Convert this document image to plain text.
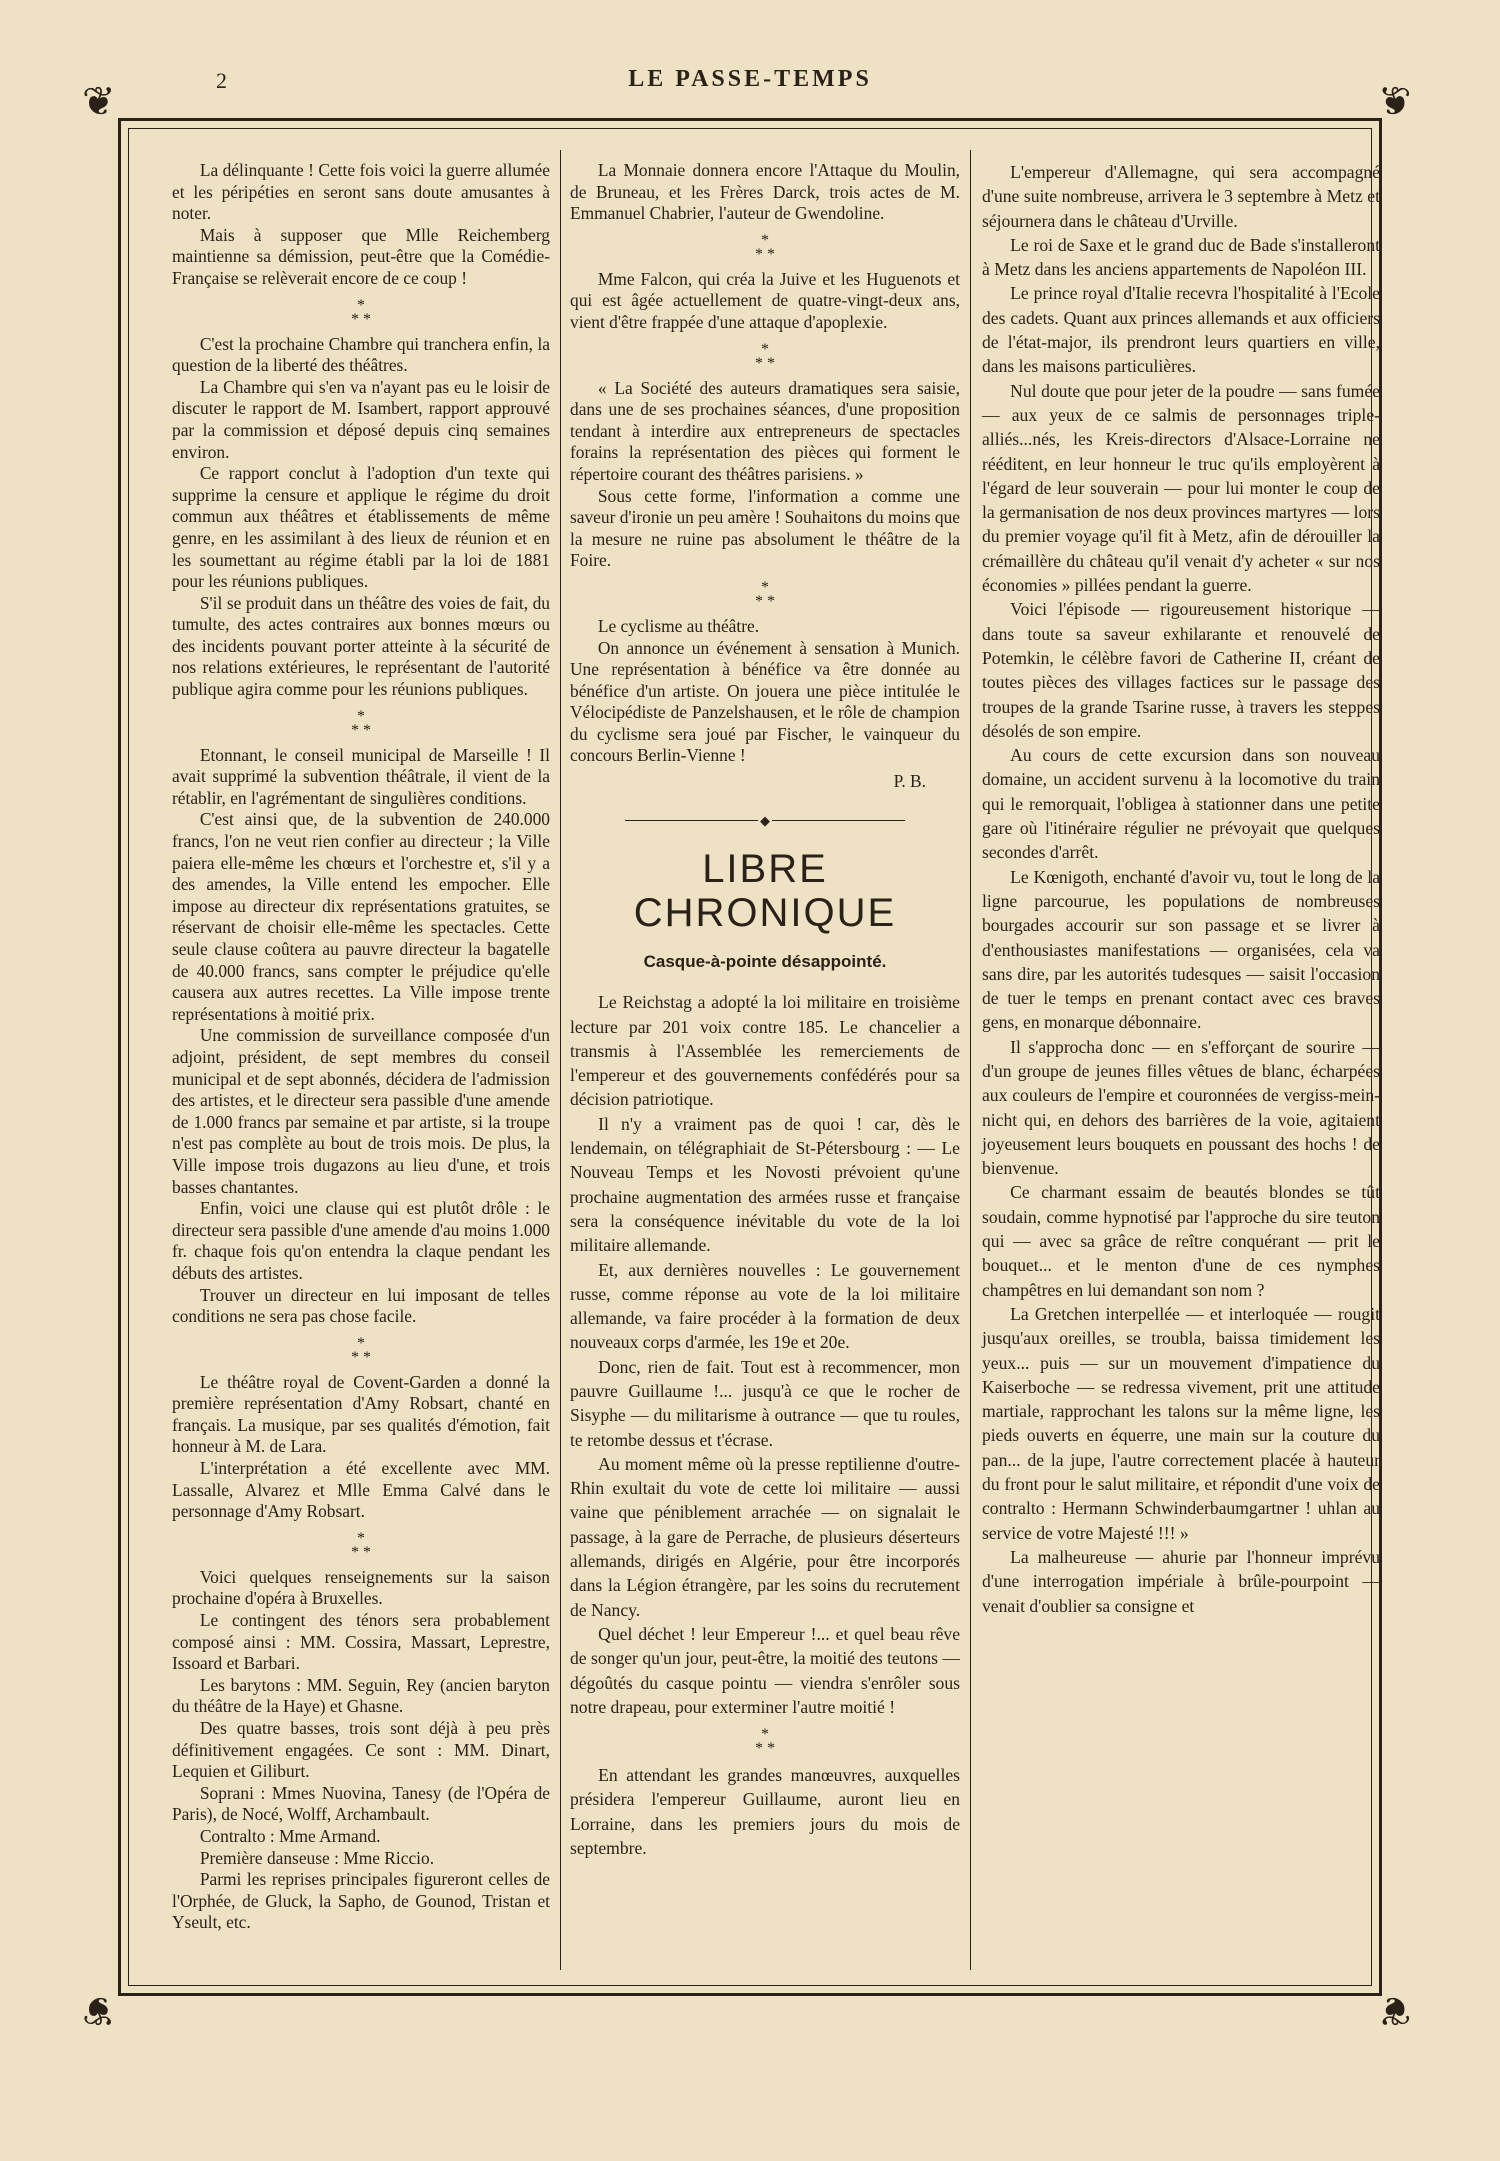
2	LE PASSE-TEMPS
❦	❦
❦	❦

La délinquante ! Cette fois voici la guerre allumée et les péripéties en seront sans doute amusantes à noter.

Mais à supposer que Mlle Reichemberg maintienne sa démission, peut-être que la Comédie-Française se relèverait encore de ce coup !

*
* *

C'est la prochaine Chambre qui tranchera enfin, la question de la liberté des théâtres.

La Chambre qui s'en va n'ayant pas eu le loisir de discuter le rapport de M. Isambert, rapport approuvé par la commission et déposé depuis cinq semaines environ.

Ce rapport conclut à l'adoption d'un texte qui supprime la censure et applique le régime du droit commun aux théâtres et établissements de même genre, en les assimilant à des lieux de réunion et en les soumettant au régime établi par la loi de 1881 pour les réunions publiques.

S'il se produit dans un théâtre des voies de fait, du tumulte, des actes contraires aux bonnes mœurs ou des incidents pouvant porter atteinte à la sécurité de nos relations extérieures, le représentant de l'autorité publique agira comme pour les réunions publiques.

*
* *

Etonnant, le conseil municipal de Marseille ! Il avait supprimé la subvention théâtrale, il vient de la rétablir, en l'agrémentant de singulières conditions.

C'est ainsi que, de la subvention de 240.000 francs, l'on ne veut rien confier au directeur ; la Ville paiera elle-même les chœurs et l'orchestre et, s'il y a des amendes, la Ville entend les empocher. Elle impose au directeur dix représentations gratuites, se réservant de choisir elle-même les spectacles. Cette seule clause coûtera au pauvre directeur la bagatelle de 40.000 francs, sans compter le préjudice qu'elle causera aux autres recettes. La Ville impose trente représentations à moitié prix.

Une commission de surveillance composée d'un adjoint, président, de sept membres du conseil municipal et de sept abonnés, décidera de l'admission des artistes, et le directeur sera passible d'une amende de 1.000 francs par semaine et par artiste, si la troupe n'est pas complète au bout de trois mois. De plus, la Ville impose trois dugazons au lieu d'une, et trois basses chantantes.

Enfin, voici une clause qui est plutôt drôle : le directeur sera passible d'une amende d'au moins 1.000 fr. chaque fois qu'on entendra la claque pendant les débuts des artistes.

Trouver un directeur en lui imposant de telles conditions ne sera pas chose facile.

*
* *

Le théâtre royal de Covent-Garden a donné la première représentation d'Amy Robsart, chanté en français. La musique, par ses qualités d'émotion, fait honneur à M. de Lara.

L'interprétation a été excellente avec MM. Lassalle, Alvarez et Mlle Emma Calvé dans le personnage d'Amy Robsart.

*
* *

Voici quelques renseignements sur la saison prochaine d'opéra à Bruxelles.

Le contingent des ténors sera probablement composé ainsi : MM. Cossira, Massart, Leprestre, Issoard et Barbari.

Les barytons : MM. Seguin, Rey (ancien baryton du théâtre de la Haye) et Ghasne.

Des quatre basses, trois sont déjà à peu près définitivement engagées. Ce sont : MM. Dinart, Lequien et Giliburt.

Soprani : Mmes Nuovina, Tanesy (de l'Opéra de Paris), de Nocé, Wolff, Archambault.

Contralto : Mme Armand.

Première danseuse : Mme Riccio.

Parmi les reprises principales figureront celles de l'Orphée, de Gluck, la Sapho, de Gounod, Tristan et Yseult, etc.

La Monnaie donnera encore l'Attaque du Moulin, de Bruneau, et les Frères Darck, trois actes de M. Emmanuel Chabrier, l'auteur de Gwendoline.

*
* *

Mme Falcon, qui créa la Juive et les Huguenots et qui est âgée actuellement de quatre-vingt-deux ans, vient d'être frappée d'une attaque d'apoplexie.

*
* *

« La Société des auteurs dramatiques sera saisie, dans une de ses prochaines séances, d'une proposition tendant à interdire aux entrepreneurs de spectacles forains la représentation des pièces qui forment le répertoire courant des théâtres parisiens. »

Sous cette forme, l'information a comme une saveur d'ironie un peu amère ! Souhaitons du moins que la mesure ne ruine pas absolument le théâtre de la Foire.

*
* *

Le cyclisme au théâtre.

On annonce un événement à sensation à Munich. Une représentation à bénéfice va être donnée au bénéfice d'un artiste. On jouera une pièce intitulée le Vélocipédiste de Panzelshausen, et le rôle de champion du cyclisme sera joué par Fischer, le vainqueur du concours Berlin-Vienne !

P. B.
◆
LIBRE CHRONIQUE
Casque-à-pointe désappointé.

Le Reichstag a adopté la loi militaire en troisième lecture par 201 voix contre 185. Le chancelier a transmis à l'Assemblée les remerciements de l'empereur et des gouvernements confédérés pour sa décision patriotique.

Il n'y a vraiment pas de quoi ! car, dès le lendemain, on télégraphiait de St-Pétersbourg : — Le Nouveau Temps et les Novosti prévoient qu'une prochaine augmentation des armées russe et française sera la conséquence inévitable du vote de la loi militaire allemande.

Et, aux dernières nouvelles : Le gouvernement russe, comme réponse au vote de la loi militaire allemande, va faire procéder à la formation de deux nouveaux corps d'armée, les 19e et 20e.

Donc, rien de fait. Tout est à recommencer, mon pauvre Guillaume !... jusqu'à ce que le rocher de Sisyphe — du militarisme à outrance — que tu roules, te retombe dessus et t'écrase.

Au moment même où la presse reptilienne d'outre-Rhin exultait du vote de cette loi militaire — aussi vaine que péniblement arrachée — on signalait le passage, à la gare de Perrache, de plusieurs déserteurs allemands, dirigés en Algérie, pour être incorporés dans la Légion étrangère, par les soins du recrutement de Nancy.

Quel déchet ! leur Empereur !... et quel beau rêve de songer qu'un jour, peut-être, la moitié des teutons — dégoûtés du casque pointu — viendra s'enrôler sous notre drapeau, pour exterminer l'autre moitié !

*
* *

En attendant les grandes manœuvres, auxquelles présidera l'empereur Guillaume, auront lieu en Lorraine, dans les premiers jours du mois de septembre.

L'empereur d'Allemagne, qui sera accompagné d'une suite nombreuse, arrivera le 3 septembre à Metz et séjournera dans le château d'Urville.

Le roi de Saxe et le grand duc de Bade s'installeront à Metz dans les anciens appartements de Napoléon III.

Le prince royal d'Italie recevra l'hospitalité à l'Ecole des cadets. Quant aux princes allemands et aux officiers de l'état-major, ils prendront leurs quartiers en ville, dans les maisons particulières.

Nul doute que pour jeter de la poudre — sans fumée — aux yeux de ce salmis de personnages triple-alliés...nés, les Kreis-directors d'Alsace-Lorraine ne rééditent, en leur honneur le truc qu'ils employèrent à l'égard de leur souverain — pour lui monter le coup de la germanisation de nos deux provinces martyres — lors du premier voyage qu'il fit à Metz, afin de dérouiller la crémaillère du château qu'il venait d'y acheter « sur nos économies » pillées pendant la guerre.

Voici l'épisode — rigoureusement historique — dans toute sa saveur exhilarante et renouvelé de Potemkin, le célèbre favori de Catherine II, créant de toutes pièces des villages factices sur le passage des troupes de la grande Tsarine russe, à travers les steppes désolés de son empire.

Au cours de cette excursion dans son nouveau domaine, un accident survenu à la locomotive du train qui le remorquait, l'obligea à stationner dans une petite gare où l'itinéraire régulier ne prévoyait que quelques secondes d'arrêt.

Le Kœnigoth, enchanté d'avoir vu, tout le long de la ligne parcourue, les populations de nombreuses bourgades accourir sur son passage et se livrer à d'enthousiastes manifestations — organisées, cela va sans dire, par les autorités tudesques — saisit l'occasion de tuer le temps en prenant contact avec ces braves gens, en monarque débonnaire.

Il s'approcha donc — en s'efforçant de sourire — d'un groupe de jeunes filles vêtues de blanc, écharpées aux couleurs de l'empire et couronnées de vergiss-mein-nicht qui, en dehors des barrières de la voie, agitaient joyeusement leurs bouquets en poussant des hochs ! de bienvenue.

Ce charmant essaim de beautés blondes se tût soudain, comme hypnotisé par l'approche du sire teuton qui — avec sa grâce de reître conquérant — prit le bouquet... et le menton d'une de ces nymphes champêtres en lui demandant son nom ?

La Gretchen interpellée — et interloquée — rougit jusqu'aux oreilles, se troubla, baissa timidement les yeux... puis — sur un mouvement d'impatience du Kaiserboche — se redressa vivement, prit une attitude martiale, rapprochant les talons sur la même ligne, les pieds ouverts en équerre, une main sur la couture du pan... de la jupe, l'autre correctement placée à hauteur du front pour le salut militaire, et répondit d'une voix de contralto : Hermann Schwinderbaumgartner ! uhlan au service de votre Majesté !!! »

La malheureuse — ahurie par l'honneur imprévu d'une interrogation impériale à brûle-pourpoint — venait d'oublier sa consigne et
